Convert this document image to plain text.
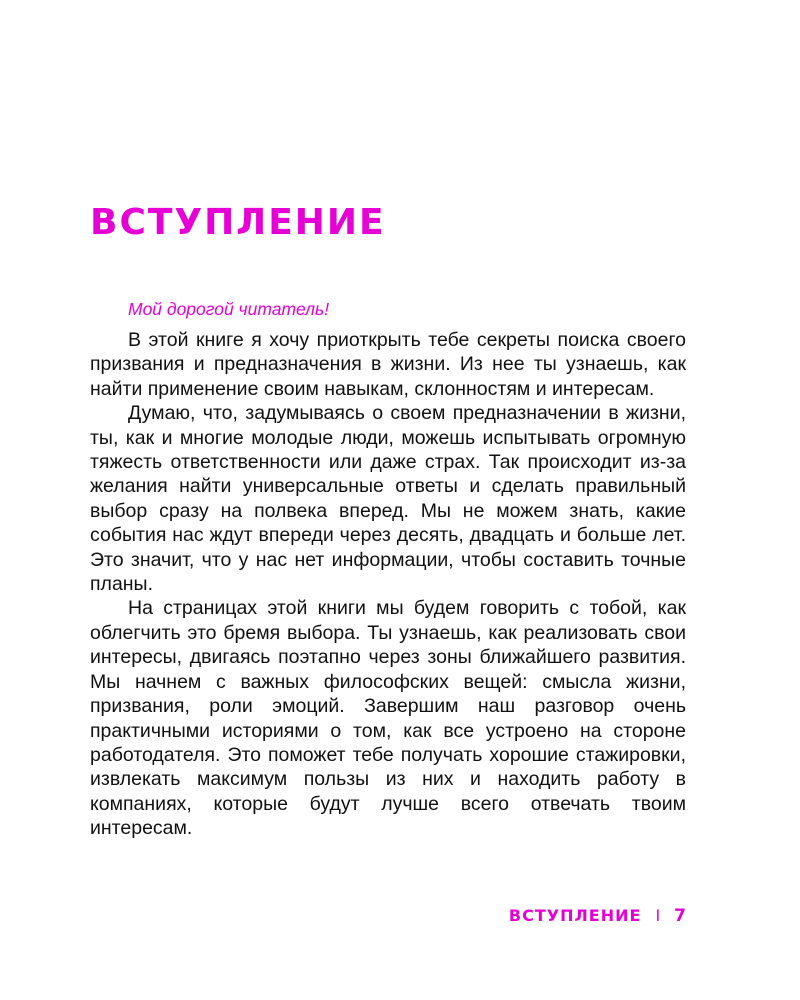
ВСТУПЛЕНИЕ

Мой дорогой читатель!

В этой книге я хочу приоткрыть тебе секреты поиска своего призвания и предназначения в жизни. Из нее ты узнаешь, как найти применение своим навыкам, склонностям и интересам.

Думаю, что, задумываясь о своем предназначении в жизни, ты, как и многие молодые люди, можешь испытывать огромную тяжесть ответственности или даже страх. Так происходит из-за желания найти универсальные ответы и сделать правильный выбор сразу на полвека вперед. Мы не можем знать, какие события нас ждут впереди через десять, двадцать и больше лет. Это значит, что у нас нет информации, чтобы составить точные планы.

На страницах этой книги мы будем говорить с тобой, как облегчить это бремя выбора. Ты узнаешь, как реализовать свои интересы, двигаясь поэтапно через зоны ближайшего развития. Мы начнем с важных философских вещей: смысла жизни, призвания, роли эмоций. Завершим наш разговор очень практичными историями о том, как все устроено на стороне работодателя. Это поможет тебе получать хорошие стажировки, извлекать максимум пользы из них и находить работу в компаниях, которые будут лучше всего отвечать твоим интересам.

ВСТУПЛЕНИЕ I 7
